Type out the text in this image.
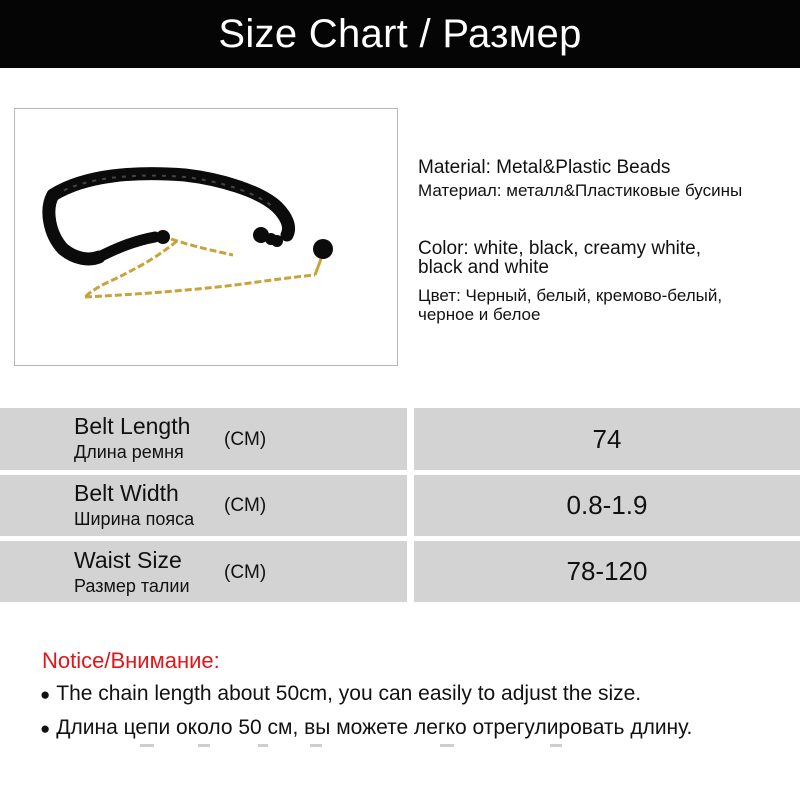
Size Chart / Размер
Material: Metal&Plastic Beads
Материал: металл&Пластиковые бусины
Color: white, black, creamy white,
black and white
Цвет: Черный, белый, кремово-белый,
черное и белое
Belt Length
Длина ремня
(CM)	74
Belt Width
Ширина пояса
(CM)	0.8-1.9
Waist Size
Размер талии
(CM)	78-120
Notice/Внимание:
● The chain length about 50cm, you can easily to adjust the size.
● Длина цепи около 50 см, вы можете легко отрегулировать длину.
